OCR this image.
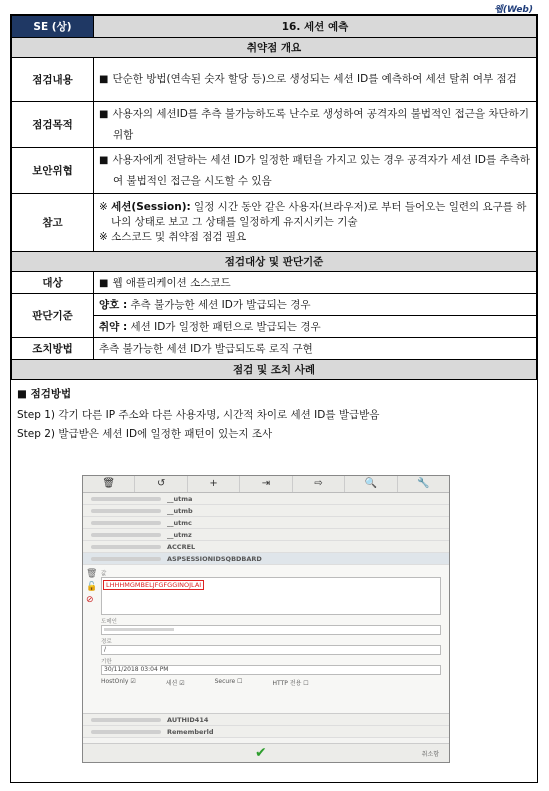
웹(Web)
SE (상)	16. 세션 예측
취약점 개요	
점검내용	■ 단순한 방법(연속된 숫자 할당 등)으로 생성되는 세션 ID를 예측하여 세션 탈취 여부 점검

점검목적	■ 사용자의 세션ID를 추측 불가능하도록 난수로 생성하여 공격자의 불법적인 접근을 차단하기 위함

보안위협	■ 사용자에게 전달하는 세션 ID가 일정한 패턴을 가지고 있는 경우 공격자가 세션 ID를 추측하여 불법적인 접근을 시도할 수 있음

참고	※ 세션(Session): 일정 시간 동안 같은 사용자(브라우저)로 부터 들어오는 일련의 요구를 하나의 상태로 보고 그 상태를 일정하게 유지시키는 기술
※ 소스코드 및 취약점 점검 필요

점검대상 및 판단기준	
대상	■ 웹 애플리케이션 소스코드
판단기준	양호 : 추측 불가능한 세션 ID가 발급되는 경우
	취약 : 세션 ID가 일정한 패턴으로 발급되는 경우
조치방법	추측 불가능한 세션 ID가 발급되도록 로직 구현
점검 및 조치 사례	
■ 점검방법
Step 1) 각기 다른 IP 주소와 다른 사용자명, 시간적 차이로 세션 ID를 발급받음
Step 2) 발급받은 세션 ID에 일정한 패턴이 있는지 조사
🗑	↺	+	⇥	⇨	🔍	🔧
__utma
__utmb
__utmc
__utmz
ACCREL
ASPSESSIONIDSQBDBARD
🗑
🔓
⊘
값
LHHHMGMBELJFGFGGINOJLAI
도메인
경로
/
기한
30/11/2018 03:04 PM
HostOnly ☑	세션 ☑	Secure ☐	HTTP 전용 ☐
AUTHID414
Rememberld
✔	취소함
